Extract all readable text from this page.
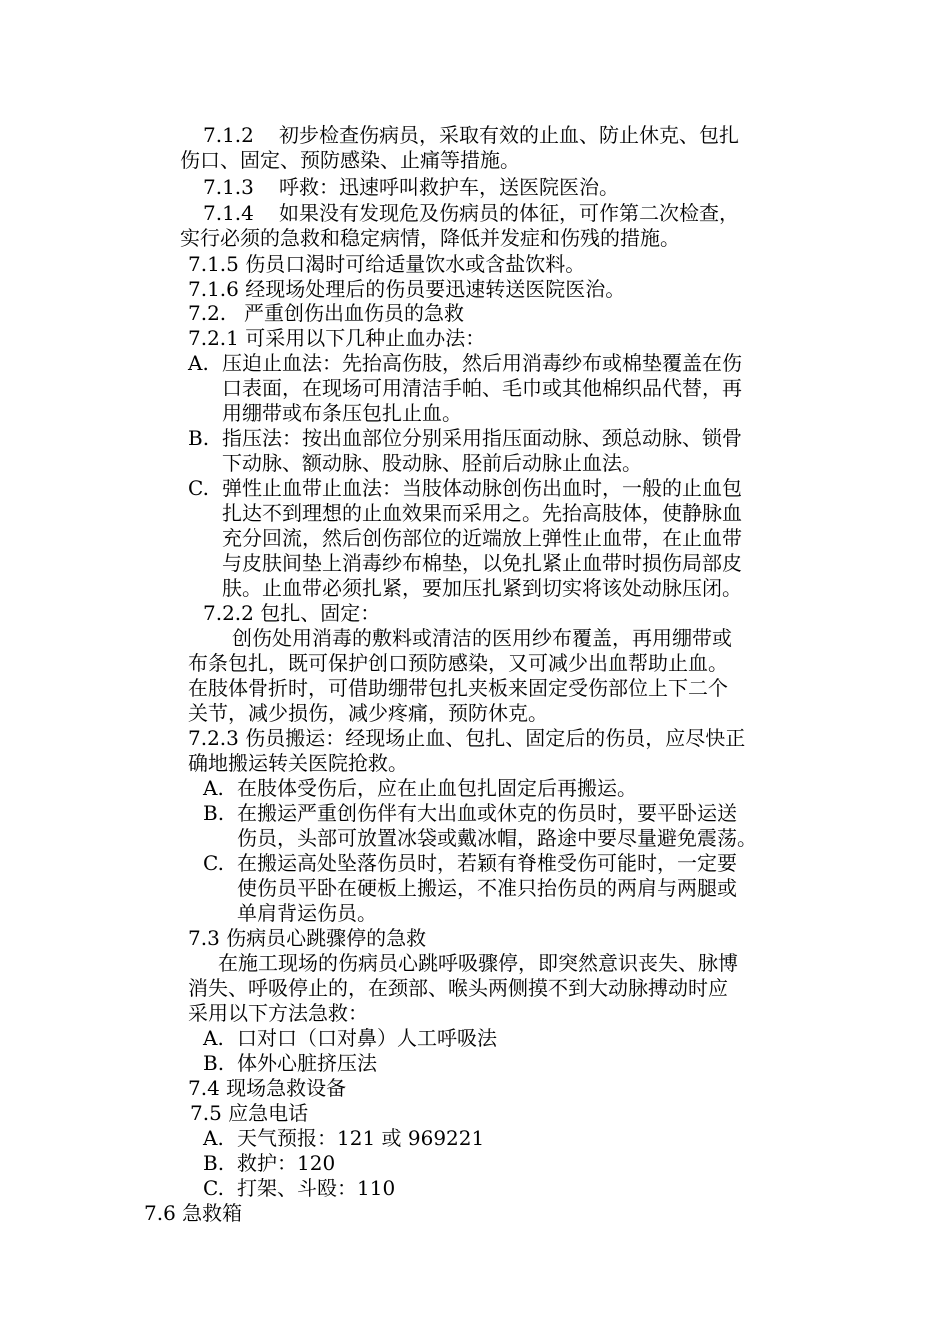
7.1.2 初步检查伤病员，采取有效的止血、防止休克、包扎
伤口、固定、预防感染、止痛等措施。
7.1.3 呼救：迅速呼叫救护车，送医院医治。
7.1.4 如果没有发现危及伤病员的体征，可作第二次检查，
实行必须的急救和稳定病情，降低并发症和伤残的措施。
7.1.5 伤员口渴时可给适量饮水或含盐饮料。
7.1.6 经现场处理后的伤员要迅速转送医院医治。
7.2. 严重创伤出血伤员的急救
7.2.1 可采用以下几种止血办法：
A. 压迫止血法：先抬高伤肢，然后用消毒纱布或棉垫覆盖在伤
口表面，在现场可用清洁手帕、毛巾或其他棉织品代替，再
用绷带或布条压包扎止血。
B. 指压法：按出血部位分别采用指压面动脉、颈总动脉、锁骨
下动脉、额动脉、股动脉、胫前后动脉止血法。
C. 弹性止血带止血法：当肢体动脉创伤出血时，一般的止血包
扎达不到理想的止血效果而采用之。先抬高肢体，使静脉血
充分回流，然后创伤部位的近端放上弹性止血带，在止血带
与皮肤间垫上消毒纱布棉垫，以免扎紧止血带时损伤局部皮
肤。止血带必须扎紧，要加压扎紧到切实将该处动脉压闭。
7.2.2 包扎、固定：
创伤处用消毒的敷料或清洁的医用纱布覆盖，再用绷带或
布条包扎，既可保护创口预防感染，又可减少出血帮助止血。
在肢体骨折时，可借助绷带包扎夹板来固定受伤部位上下二个
关节，减少损伤，减少疼痛，预防休克。
7.2.3 伤员搬运：经现场止血、包扎、固定后的伤员，应尽快正
确地搬运转关医院抢救。
A. 在肢体受伤后，应在止血包扎固定后再搬运。
B. 在搬运严重创伤伴有大出血或休克的伤员时，要平卧运送
伤员，头部可放置冰袋或戴冰帽，路途中要尽量避免震荡。
C. 在搬运高处坠落伤员时，若颖有脊椎受伤可能时，一定要
使伤员平卧在硬板上搬运，不准只抬伤员的两肩与两腿或
单肩背运伤员。
7.3 伤病员心跳骤停的急救
在施工现场的伤病员心跳呼吸骤停，即突然意识丧失、脉博
消失、呼吸停止的，在颈部、喉头两侧摸不到大动脉搏动时应
采用以下方法急救：
A. 口对口（口对鼻）人工呼吸法
B. 体外心脏挤压法
7.4 现场急救设备
7.5 应急电话
A. 天气预报：121 或 969221
B. 救护：120
C. 打架、斗殴：110
7.6 急救箱
